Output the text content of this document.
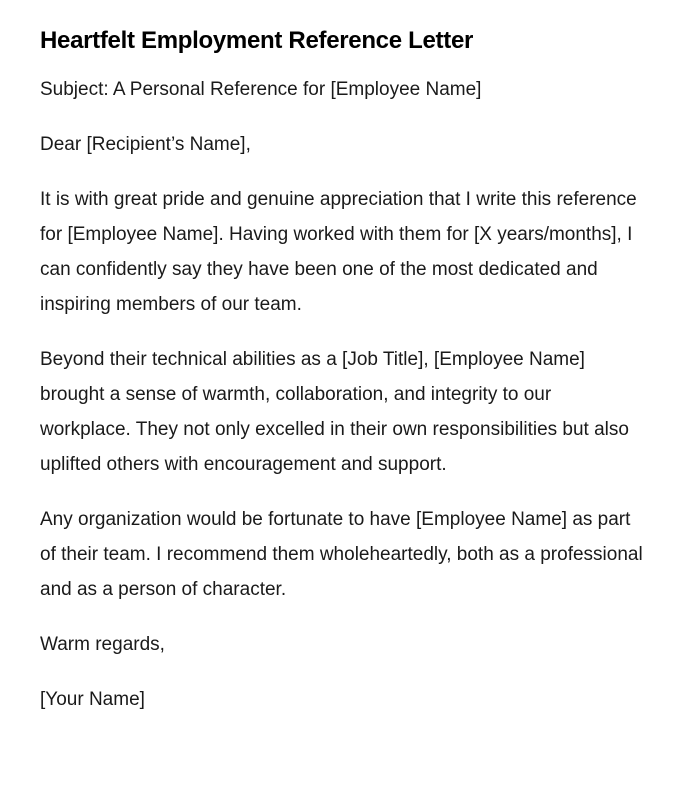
Heartfelt Employment Reference Letter

Subject: A Personal Reference for [Employee Name]

Dear [Recipient’s Name],

It is with great pride and genuine appreciation that I write this reference for [Employee Name]. Having worked with them for [X years/months], I can confidently say they have been one of the most dedicated and inspiring members of our team.

Beyond their technical abilities as a [Job Title], [Employee Name] brought a sense of warmth, collaboration, and integrity to our workplace. They not only excelled in their own responsibilities but also uplifted others with encouragement and support.

Any organization would be fortunate to have [Employee Name] as part of their team. I recommend them wholeheartedly, both as a professional and as a person of character.

Warm regards,

[Your Name]
